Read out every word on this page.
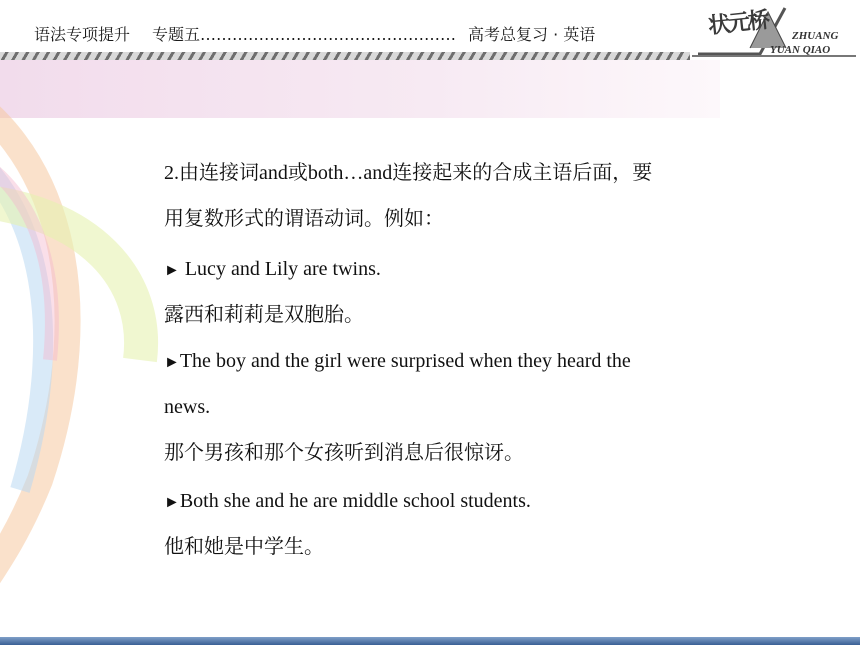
语法专项提升 专题五………………………………………… 高考总复习 · 英语	状元桥 ZHUANG
YUAN QIAO

2.由连接词and或both…and连接起来的合成主语后面，要

用复数形式的谓语动词。例如：

► Lucy and Lily are twins.

露西和莉莉是双胞胎。

►The boy and the girl were surprised when they heard the

news.

那个男孩和那个女孩听到消息后很惊讶。

►Both she and he are middle school students.

他和她是中学生。
